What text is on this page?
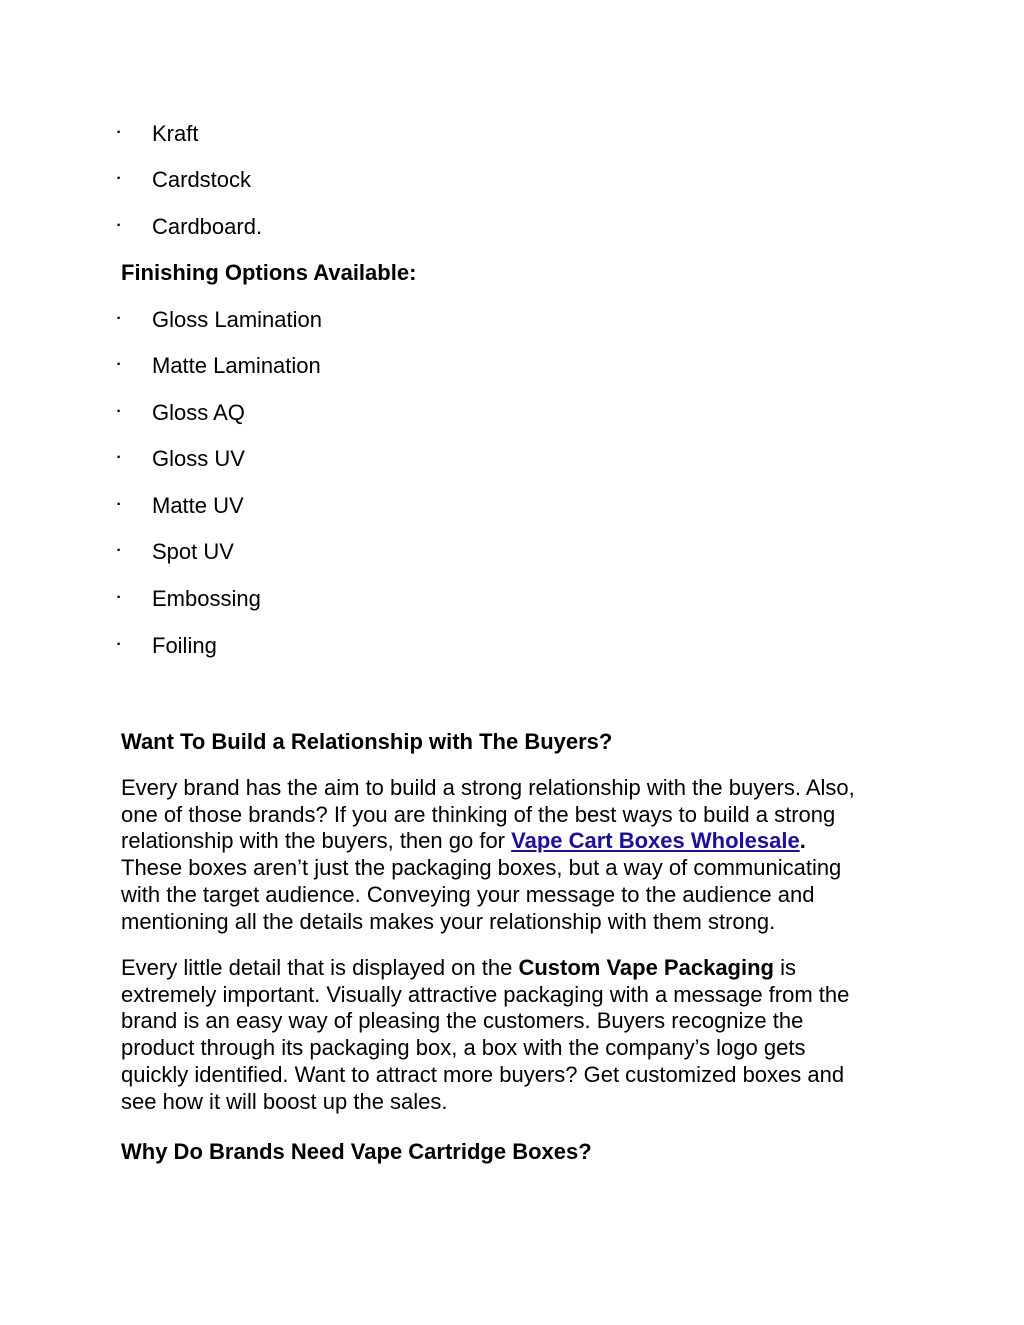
· Kraft
· Cardstock
· Cardboard.
Finishing Options Available:
· Gloss Lamination
· Matte Lamination
· Gloss AQ
· Gloss UV
· Matte UV
· Spot UV
· Embossing
· Foiling
Want To Build a Relationship with The Buyers?

Every brand has the aim to build a strong relationship with the buyers. Also,
one of those brands? If you are thinking of the best ways to build a strong
relationship with the buyers, then go for Vape Cart Boxes Wholesale.
These boxes aren’t just the packaging boxes, but a way of communicating
with the target audience. Conveying your message to the audience and
mentioning all the details makes your relationship with them strong.

Every little detail that is displayed on the Custom Vape Packaging is
extremely important. Visually attractive packaging with a message from the
brand is an easy way of pleasing the customers. Buyers recognize the
product through its packaging box, a box with the company’s logo gets
quickly identified. Want to attract more buyers? Get customized boxes and
see how it will boost up the sales.

Why Do Brands Need Vape Cartridge Boxes?
